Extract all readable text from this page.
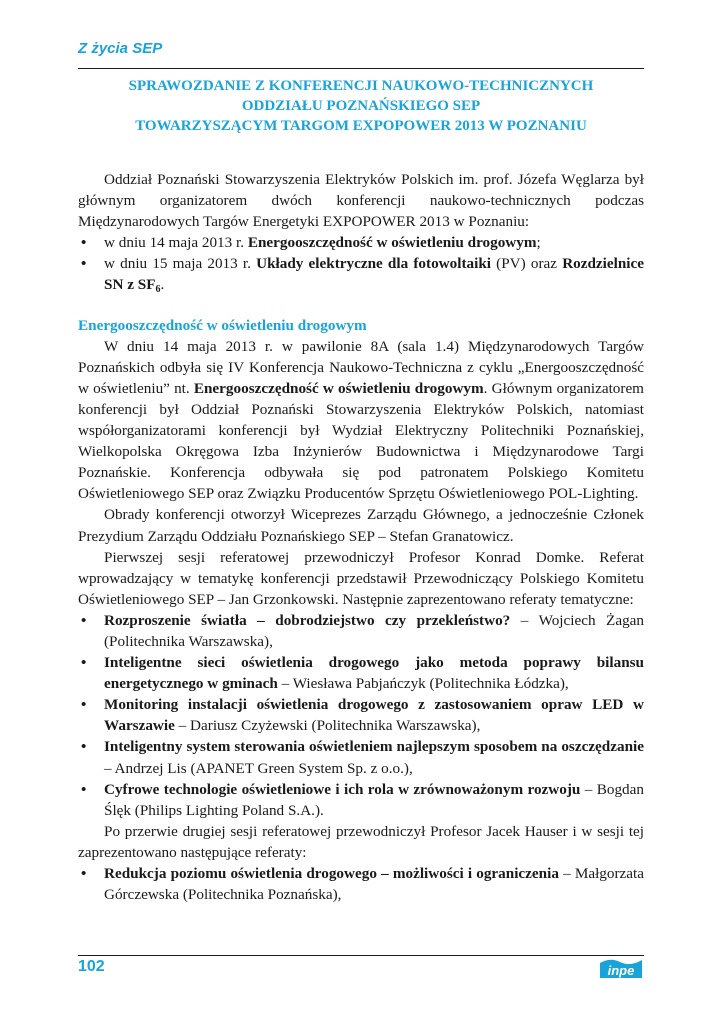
Z życia SEP
SPRAWOZDANIE Z KONFERENCJI NAUKOWO-TECHNICZNYCH
ODDZIAŁU POZNAŃSKIEGO SEP
TOWARZYSZĄCYM TARGOM EXPOPOWER 2013 W POZNANIU

Oddział Poznański Stowarzyszenia Elektryków Polskich im. prof. Józefa Węglarza był głównym organizatorem dwóch konferencji naukowo-technicznych podczas Międzynarodowych Targów Energetyki EXPOPOWER 2013 w Poznaniu:

• w dniu 14 maja 2013 r. Energooszczędność w oświetleniu drogowym;
• w dniu 15 maja 2013 r. Układy elektryczne dla fotowoltaiki (PV) oraz Rozdzielnice SN z $SF_6$.

Energooszczędność w oświetleniu drogowym

W dniu 14 maja 2013 r. w pawilonie 8A (sala 1.4) Międzynarodowych Targów Poznańskich odbyła się IV Konferencja Naukowo-Techniczna z cyklu „Energooszczędność w oświetleniu” nt. Energooszczędność w oświetleniu drogowym. Głównym organizatorem konferencji był Oddział Poznański Stowarzyszenia Elektryków Polskich, natomiast współorganizatorami konferencji był Wydział Elektryczny Politechniki Poznańskiej, Wielkopolska Okręgowa Izba Inżynierów Budownictwa i Międzynarodowe Targi Poznańskie. Konferencja odbywała się pod patronatem Polskiego Komitetu Oświetleniowego SEP oraz Związku Producentów Sprzętu Oświetleniowego POL-Lighting.

Obrady konferencji otworzył Wiceprezes Zarządu Głównego, a jednocześnie Członek Prezydium Zarządu Oddziału Poznańskiego SEP – Stefan Granatowicz.

Pierwszej sesji referatowej przewodniczył Profesor Konrad Domke. Referat wprowadzający w tematykę konferencji przedstawił Przewodniczący Polskiego Komitetu Oświetleniowego SEP – Jan Grzonkowski. Następnie zaprezentowano referaty tematyczne:

• Rozproszenie światła – dobrodziejstwo czy przekleństwo? – Wojciech Żagan (Politechnika Warszawska),
• Inteligentne sieci oświetlenia drogowego jako metoda poprawy bilansu energetycznego w gminach – Wiesława Pabjańczyk (Politechnika Łódzka),
• Monitoring instalacji oświetlenia drogowego z zastosowaniem opraw LED w Warszawie – Dariusz Czyżewski (Politechnika Warszawska),
• Inteligentny system sterowania oświetleniem najlepszym sposobem na oszczędzanie – Andrzej Lis (APANET Green System Sp. z o.o.),
• Cyfrowe technologie oświetleniowe i ich rola w zrównoważonym rozwoju – Bogdan Ślęk (Philips Lighting Poland S.A.).

Po przerwie drugiej sesji referatowej przewodniczył Profesor Jacek Hauser i w sesji tej zaprezentowano następujące referaty:

• Redukcja poziomu oświetlenia drogowego – możliwości i ograniczenia – Małgorzata Górczewska (Politechnika Poznańska),
102	inpe
